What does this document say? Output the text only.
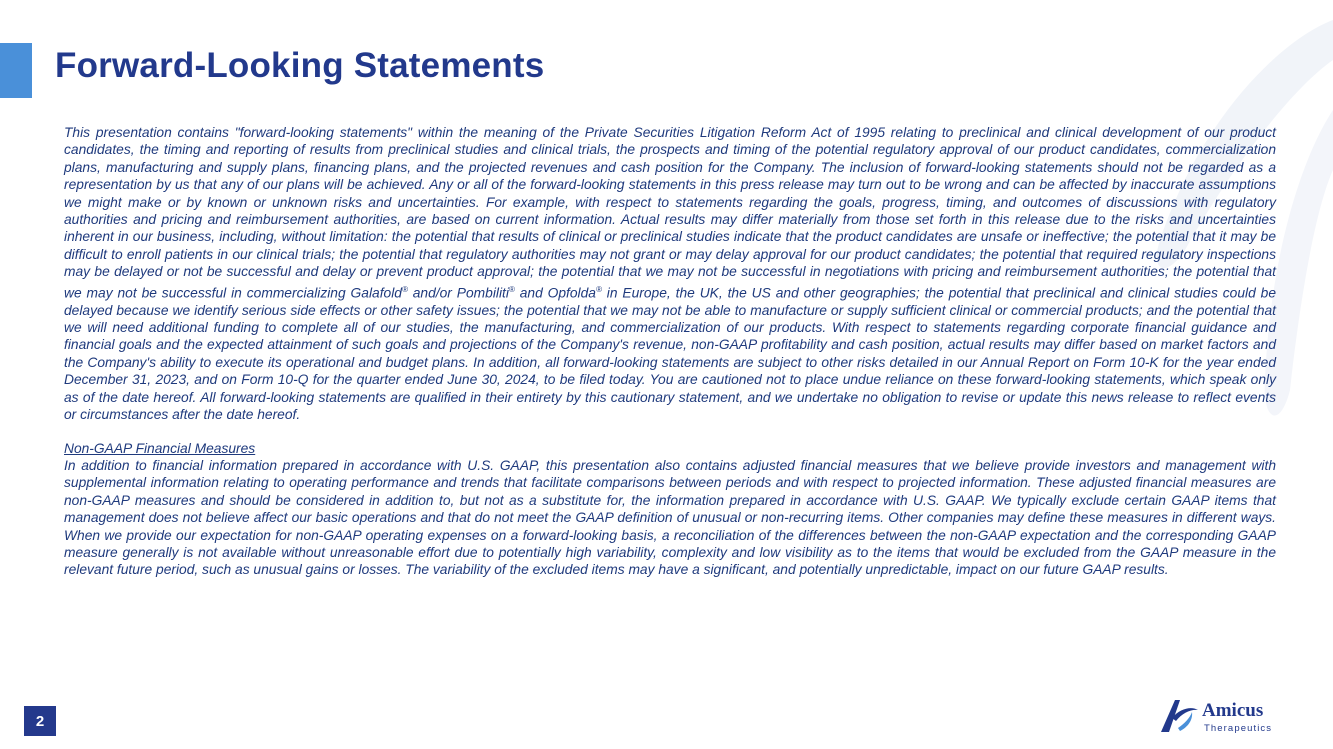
Forward-Looking Statements

This presentation contains "forward-looking statements" within the meaning of the Private Securities Litigation Reform Act of 1995 relating to preclinical and clinical development of our product candidates, the timing and reporting of results from preclinical studies and clinical trials, the prospects and timing of the potential regulatory approval of our product candidates, commercialization plans, manufacturing and supply plans, financing plans, and the projected revenues and cash position for the Company. The inclusion of forward-looking statements should not be regarded as a representation by us that any of our plans will be achieved. Any or all of the forward-looking statements in this press release may turn out to be wrong and can be affected by inaccurate assumptions we might make or by known or unknown risks and uncertainties. For example, with respect to statements regarding the goals, progress, timing, and outcomes of discussions with regulatory authorities and pricing and reimbursement authorities, are based on current information. Actual results may differ materially from those set forth in this release due to the risks and uncertainties inherent in our business, including, without limitation: the potential that results of clinical or preclinical studies indicate that the product candidates are unsafe or ineffective; the potential that it may be difficult to enroll patients in our clinical trials; the potential that regulatory authorities may not grant or may delay approval for our product candidates; the potential that required regulatory inspections may be delayed or not be successful and delay or prevent product approval; the potential that we may not be successful in negotiations with pricing and reimbursement authorities; the potential that we may not be successful in commercializing Galafold® and/or Pombiliti® and Opfolda® in Europe, the UK, the US and other geographies; the potential that preclinical and clinical studies could be delayed because we identify serious side effects or other safety issues; the potential that we may not be able to manufacture or supply sufficient clinical or commercial products; and the potential that we will need additional funding to complete all of our studies, the manufacturing, and commercialization of our products. With respect to statements regarding corporate financial guidance and financial goals and the expected attainment of such goals and projections of the Company's revenue, non-GAAP profitability and cash position, actual results may differ based on market factors and the Company's ability to execute its operational and budget plans. In addition, all forward-looking statements are subject to other risks detailed in our Annual Report on Form 10-K for the year ended December 31, 2023, and on Form 10-Q for the quarter ended June 30, 2024, to be filed today. You are cautioned not to place undue reliance on these forward-looking statements, which speak only as of the date hereof. All forward-looking statements are qualified in their entirety by this cautionary statement, and we undertake no obligation to revise or update this news release to reflect events or circumstances after the date hereof.

Non-GAAP Financial Measures

In addition to financial information prepared in accordance with U.S. GAAP, this presentation also contains adjusted financial measures that we believe provide investors and management with supplemental information relating to operating performance and trends that facilitate comparisons between periods and with respect to projected information. These adjusted financial measures are non-GAAP measures and should be considered in addition to, but not as a substitute for, the information prepared in accordance with U.S. GAAP. We typically exclude certain GAAP items that management does not believe affect our basic operations and that do not meet the GAAP definition of unusual or non-recurring items. Other companies may define these measures in different ways. When we provide our expectation for non-GAAP operating expenses on a forward-looking basis, a reconciliation of the differences between the non-GAAP expectation and the corresponding GAAP measure generally is not available without unreasonable effort due to potentially high variability, complexity and low visibility as to the items that would be excluded from the GAAP measure in the relevant future period, such as unusual gains or losses. The variability of the excluded items may have a significant, and potentially unpredictable, impact on our future GAAP results.

2	Amicus
Therapeutics
